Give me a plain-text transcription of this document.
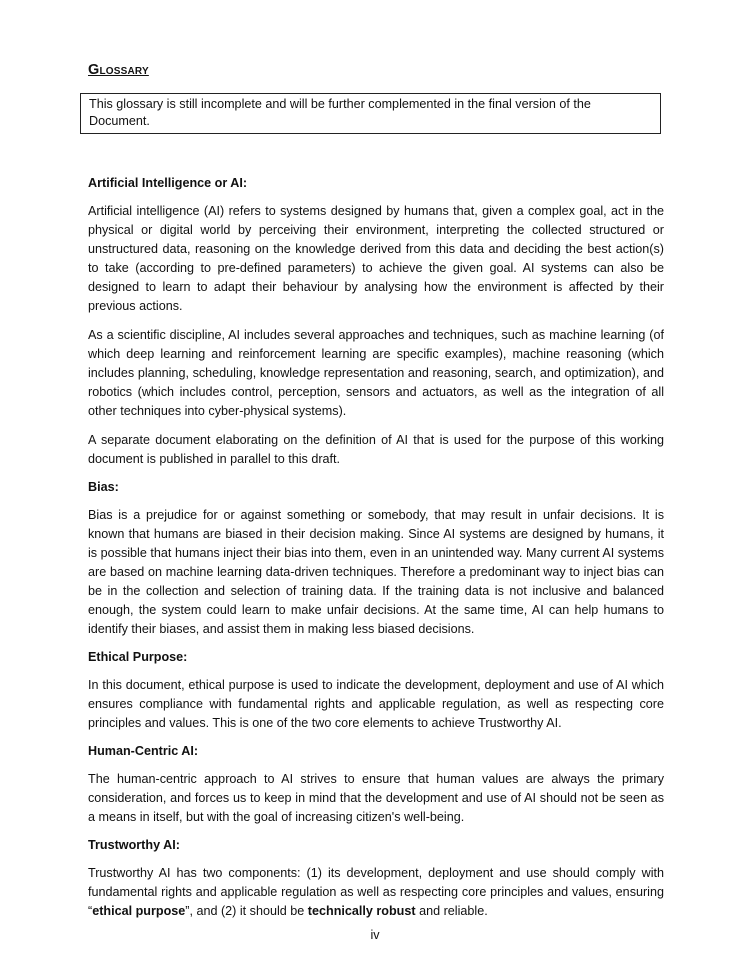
Glossary
This glossary is still incomplete and will be further complemented in the final version of the Document.
Artificial Intelligence or AI:

Artificial intelligence (AI) refers to systems designed by humans that, given a complex goal, act in the physical or digital world by perceiving their environment, interpreting the collected structured or unstructured data, reasoning on the knowledge derived from this data and deciding the best action(s) to take (according to pre-defined parameters) to achieve the given goal. AI systems can also be designed to learn to adapt their behaviour by analysing how the environment is affected by their previous actions.

As a scientific discipline, AI includes several approaches and techniques, such as machine learning (of which deep learning and reinforcement learning are specific examples), machine reasoning (which includes planning, scheduling, knowledge representation and reasoning, search, and optimization), and robotics (which includes control, perception, sensors and actuators, as well as the integration of all other techniques into cyber-physical systems).

A separate document elaborating on the definition of AI that is used for the purpose of this working document is published in parallel to this draft.

Bias:

Bias is a prejudice for or against something or somebody, that may result in unfair decisions. It is known that humans are biased in their decision making. Since AI systems are designed by humans, it is possible that humans inject their bias into them, even in an unintended way. Many current AI systems are based on machine learning data-driven techniques. Therefore a predominant way to inject bias can be in the collection and selection of training data. If the training data is not inclusive and balanced enough, the system could learn to make unfair decisions. At the same time, AI can help humans to identify their biases, and assist them in making less biased decisions.

Ethical Purpose:

In this document, ethical purpose is used to indicate the development, deployment and use of AI which ensures compliance with fundamental rights and applicable regulation, as well as respecting core principles and values. This is one of the two core elements to achieve Trustworthy AI.

Human-Centric AI:

The human-centric approach to AI strives to ensure that human values are always the primary consideration, and forces us to keep in mind that the development and use of AI should not be seen as a means in itself, but with the goal of increasing citizen's well-being.

Trustworthy AI:

Trustworthy AI has two components: (1) its development, deployment and use should comply with fundamental rights and applicable regulation as well as respecting core principles and values, ensuring “ethical purpose”, and (2) it should be technically robust and reliable.

iv
